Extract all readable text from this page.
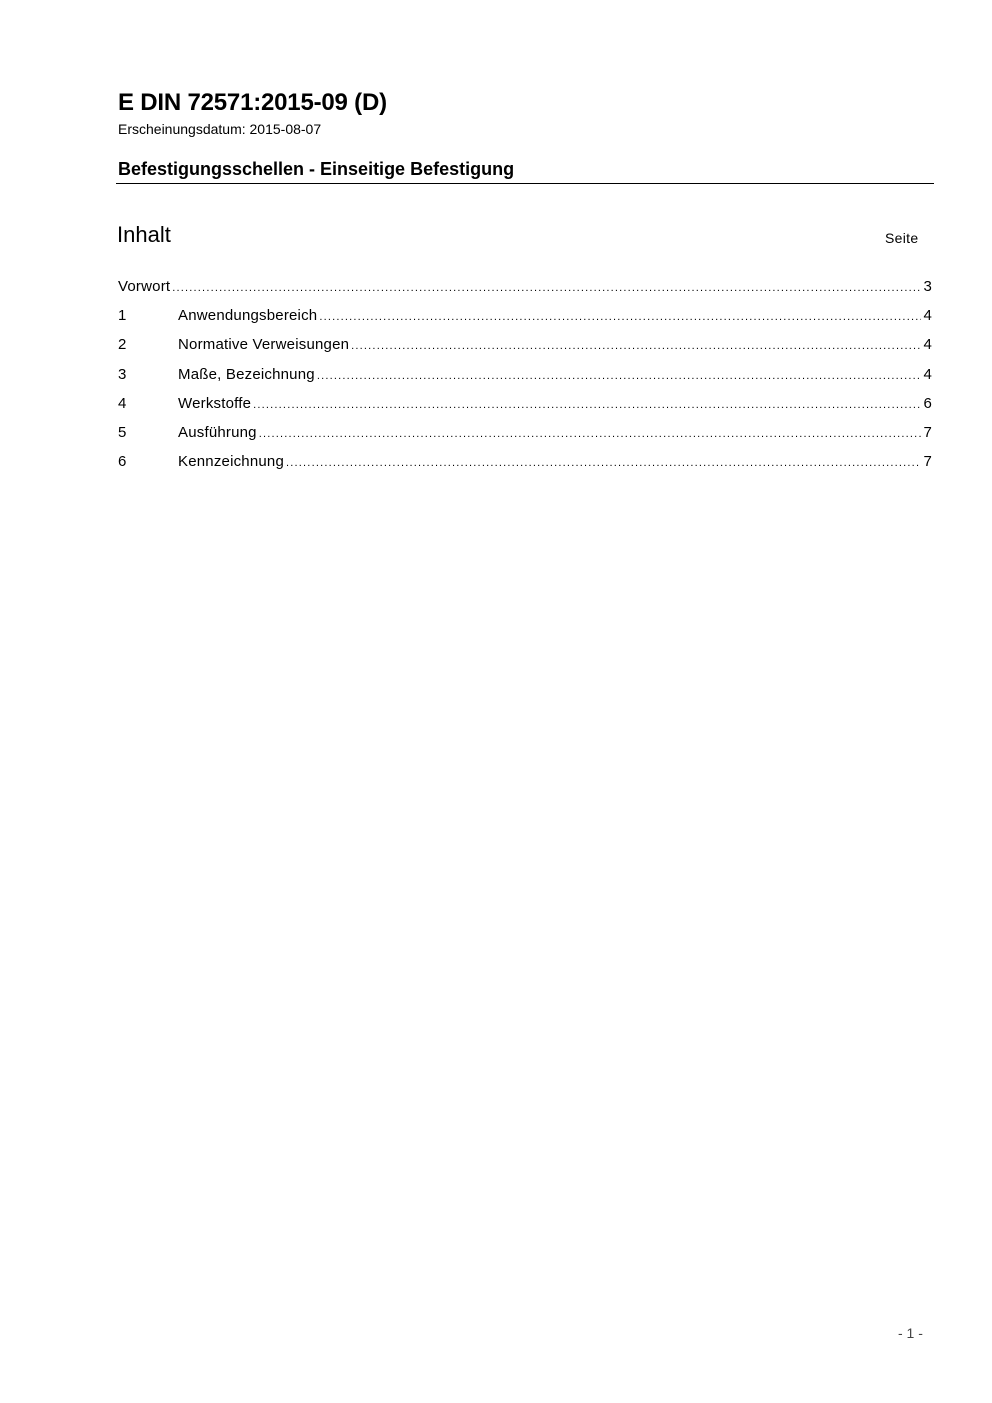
E DIN 72571:2015-09 (D)
Erscheinungsdatum: 2015-08-07
Befestigungsschellen - Einseitige Befestigung
Inhalt	Seite
Vorwort .....	3
1	Anwendungsbereich .....	4
2	Normative Verweisungen .....	4
3	Maße, Bezeichnung .....	4
4	Werkstoffe .....	6
5	Ausführung .....	7
6	Kennzeichnung .....	7
- 1 -
